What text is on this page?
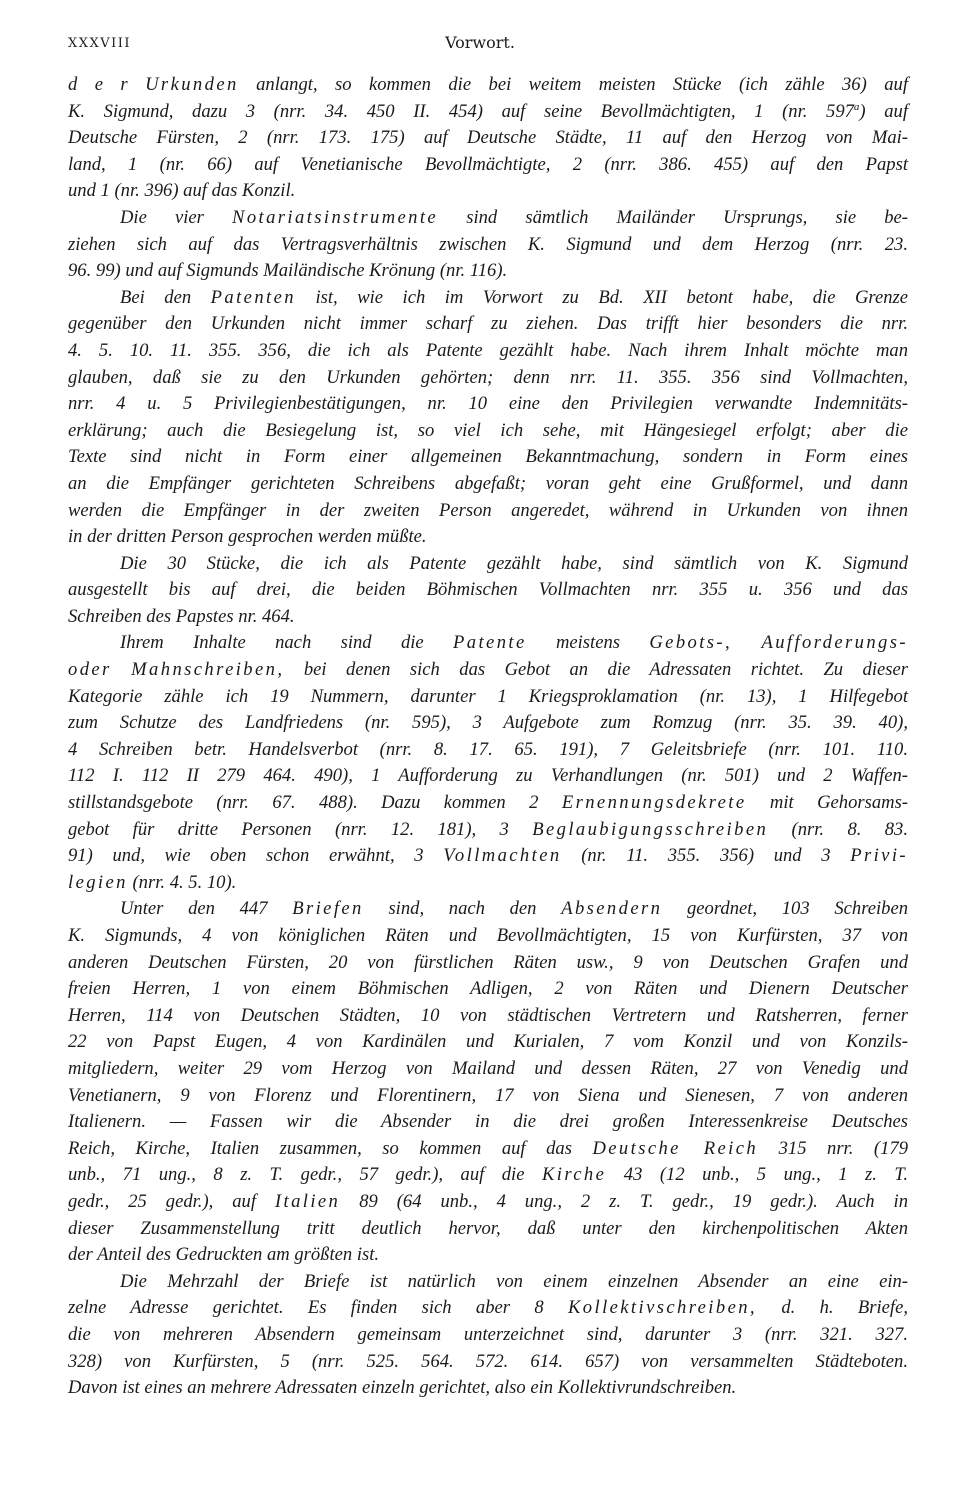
XXXVIII	Vorwort.
d e r Urkunden anlangt, so kommen die bei weitem meisten Stücke (ich zähle 36) auf
K. Sigmund, dazu 3 (nrr. 34. 450 II. 454) auf seine Bevollmächtigten, 1 (nr. 597$^a$) auf
Deutsche Fürsten, 2 (nrr. 173. 175) auf Deutsche Städte, 11 auf den Herzog von Mai-
land, 1 (nr. 66) auf Venetianische Bevollmächtigte, 2 (nrr. 386. 455) auf den Papst
und 1 (nr. 396) auf das Konzil.
Die vier Notariatsinstrumente sind sämtlich Mailänder Ursprungs, sie be-
ziehen sich auf das Vertragsverhältnis zwischen K. Sigmund und dem Herzog (nrr. 23.
96. 99) und auf Sigmunds Mailändische Krönung (nr. 116).
Bei den Patenten ist, wie ich im Vorwort zu Bd. XII betont habe, die Grenze
gegenüber den Urkunden nicht immer scharf zu ziehen. Das trifft hier besonders die nrr.
4. 5. 10. 11. 355. 356, die ich als Patente gezählt habe. Nach ihrem Inhalt möchte man
glauben, daß sie zu den Urkunden gehörten; denn nrr. 11. 355. 356 sind Vollmachten,
nrr. 4 u. 5 Privilegienbestätigungen, nr. 10 eine den Privilegien verwandte Indemnitäts-
erklärung; auch die Besiegelung ist, so viel ich sehe, mit Hängesiegel erfolgt; aber die
Texte sind nicht in Form einer allgemeinen Bekanntmachung, sondern in Form eines
an die Empfänger gerichteten Schreibens abgefaßt; voran geht eine Grußformel, und dann
werden die Empfänger in der zweiten Person angeredet, während in Urkunden von ihnen
in der dritten Person gesprochen werden müßte.
Die 30 Stücke, die ich als Patente gezählt habe, sind sämtlich von K. Sigmund
ausgestellt bis auf drei, die beiden Böhmischen Vollmachten nrr. 355 u. 356 und das
Schreiben des Papstes nr. 464.
Ihrem Inhalte nach sind die Patente meistens Gebots-, Aufforderungs-
oder Mahnschreiben, bei denen sich das Gebot an die Adressaten richtet. Zu dieser
Kategorie zähle ich 19 Nummern, darunter 1 Kriegsproklamation (nr. 13), 1 Hilfegebot
zum Schutze des Landfriedens (nr. 595), 3 Aufgebote zum Romzug (nrr. 35. 39. 40),
4 Schreiben betr. Handelsverbot (nrr. 8. 17. 65. 191), 7 Geleitsbriefe (nrr. 101. 110.
112 I. 112 II 279 464. 490), 1 Aufforderung zu Verhandlungen (nr. 501) und 2 Waffen-
stillstandsgebote (nrr. 67. 488). Dazu kommen 2 Ernennungsdekrete mit Gehorsams-
gebot für dritte Personen (nrr. 12. 181), 3 Beglaubigungsschreiben (nrr. 8. 83.
91) und, wie oben schon erwähnt, 3 Vollmachten (nr. 11. 355. 356) und 3 Privi-
legien (nrr. 4. 5. 10).
Unter den 447 Briefen sind, nach den Absendern geordnet, 103 Schreiben
K. Sigmunds, 4 von königlichen Räten und Bevollmächtigten, 15 von Kurfürsten, 37 von
anderen Deutschen Fürsten, 20 von fürstlichen Räten usw., 9 von Deutschen Grafen und
freien Herren, 1 von einem Böhmischen Adligen, 2 von Räten und Dienern Deutscher
Herren, 114 von Deutschen Städten, 10 von städtischen Vertretern und Ratsherren, ferner
22 von Papst Eugen, 4 von Kardinälen und Kurialen, 7 vom Konzil und von Konzils-
mitgliedern, weiter 29 vom Herzog von Mailand und dessen Räten, 27 von Venedig und
Venetianern, 9 von Florenz und Florentinern, 17 von Siena und Sienesen, 7 von anderen
Italienern. — Fassen wir die Absender in die drei großen Interessenkreise Deutsches
Reich, Kirche, Italien zusammen, so kommen auf das Deutsche Reich 315 nrr. (179
unb., 71 ung., 8 z. T. gedr., 57 gedr.), auf die Kirche 43 (12 unb., 5 ung., 1 z. T.
gedr., 25 gedr.), auf Italien 89 (64 unb., 4 ung., 2 z. T. gedr., 19 gedr.). Auch in
dieser Zusammenstellung tritt deutlich hervor, daß unter den kirchenpolitischen Akten
der Anteil des Gedruckten am größten ist.
Die Mehrzahl der Briefe ist natürlich von einem einzelnen Absender an eine ein-
zelne Adresse gerichtet. Es finden sich aber 8 Kollektivschreiben, d. h. Briefe,
die von mehreren Absendern gemeinsam unterzeichnet sind, darunter 3 (nrr. 321. 327.
328) von Kurfürsten, 5 (nrr. 525. 564. 572. 614. 657) von versammelten Städteboten.
Davon ist eines an mehrere Adressaten einzeln gerichtet, also ein Kollektivrundschreiben.
